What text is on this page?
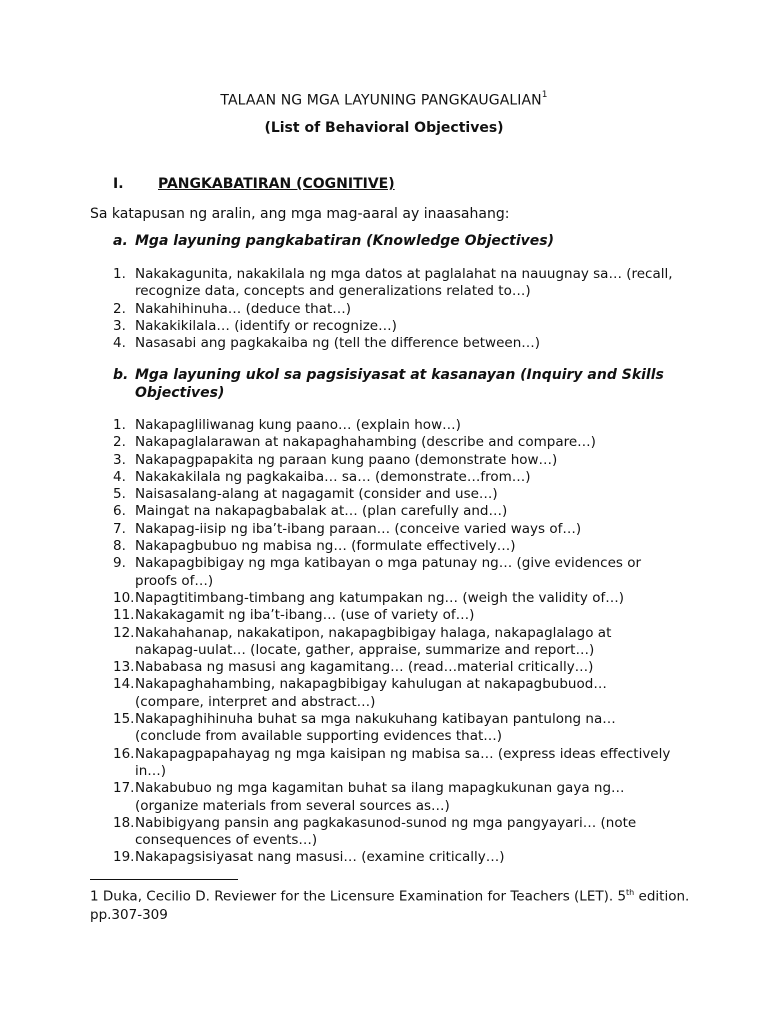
TALAAN NG MGA LAYUNING PANGKAUGALIAN$^1$
(List of Behavioral Objectives)
I. PANGKABATIRAN (COGNITIVE)
Sa katapusan ng aralin, ang mga mag-aaral ay inaasahang:
a. Mga layuning pangkabatiran (Knowledge Objectives)
1. Nakakagunita, nakakilala ng mga datos at paglalahat na nauugnay sa… (recall, recognize data, concepts and generalizations related to…)
2. Nakahihinuha… (deduce that…)
3. Nakakikilala… (identify or recognize…)
4. Nasasabi ang pagkakaiba ng (tell the difference between…)
b. Mga layuning ukol sa pagsisiyasat at kasanayan (Inquiry and Skills Objectives)
1. Nakapagliliwanag kung paano… (explain how…)
2. Nakapaglalarawan at nakapaghahambing (describe and compare…)
3. Nakapagpapakita ng paraan kung paano (demonstrate how…)
4. Nakakakilala ng pagkakaiba… sa… (demonstrate…from…)
5. Naisasalang-alang at nagagamit (consider and use…)
6. Maingat na nakapagbabalak at… (plan carefully and…)
7. Nakapag-iisip ng iba’t-ibang paraan… (conceive varied ways of…)
8. Nakapagbubuo ng mabisa ng… (formulate effectively…)
9. Nakapagbibigay ng mga katibayan o mga patunay ng… (give evidences or proofs of…)
10. Napagtitimbang-timbang ang katumpakan ng… (weigh the validity of…)
11. Nakakagamit ng iba’t-ibang… (use of variety of…)
12. Nakahahanap, nakakatipon, nakapagbibigay halaga, nakapaglalago at nakapag-uulat… (locate, gather, appraise, summarize and report…)
13. Nababasa ng masusi ang kagamitang… (read…material critically…)
14. Nakapaghahambing, nakapagbibigay kahulugan at nakapagbubuod… (compare, interpret and abstract…)
15. Nakapaghihinuha buhat sa mga nakukuhang katibayan pantulong na… (conclude from available supporting evidences that…)
16. Nakapagpapahayag ng mga kaisipan ng mabisa sa… (express ideas effectively in…)
17. Nakabubuo ng mga kagamitan buhat sa ilang mapagkukunan gaya ng… (organize materials from several sources as…)
18. Nabibigyang pansin ang pagkakasunod-sunod ng mga pangyayari… (note consequences of events…)
19. Nakapagsisiyasat nang masusi… (examine critically…)
1 Duka, Cecilio D. Reviewer for the Licensure Examination for Teachers (LET). 5th edition. pp.307-309
